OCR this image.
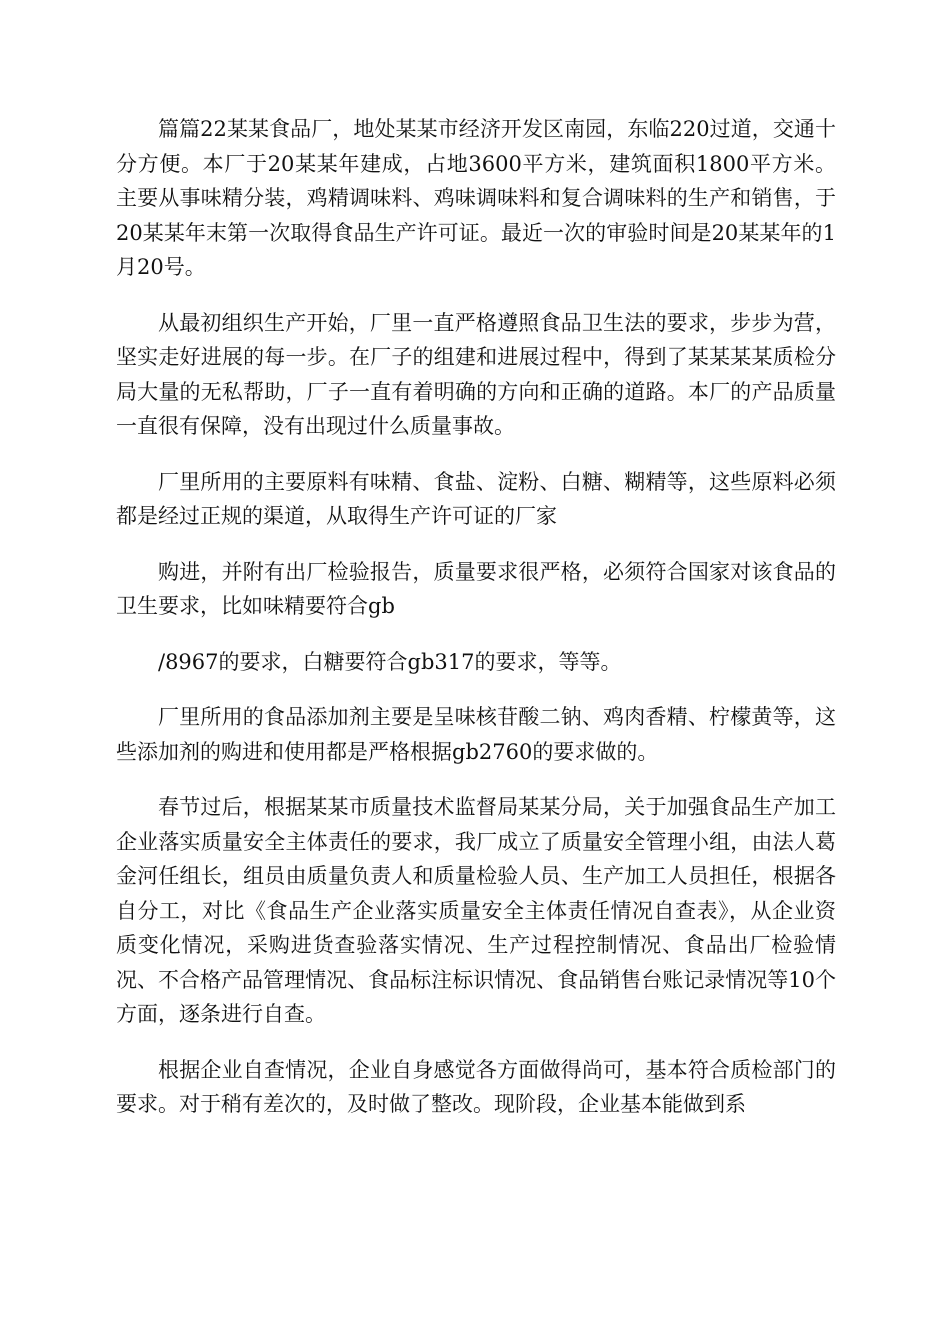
篇篇22某某食品厂，地处某某市经济开发区南园，东临220过道，交通十分方便。本厂于20某某年建成，占地3600平方米，建筑面积1800平方米。主要从事味精分装，鸡精调味料、鸡味调味料和复合调味料的生产和销售，于20某某年末第一次取得食品生产许可证。最近一次的审验时间是20某某年的1月20号。

从最初组织生产开始，厂里一直严格遵照食品卫生法的要求，步步为营，坚实走好进展的每一步。在厂子的组建和进展过程中，得到了某某某某质检分局大量的无私帮助，厂子一直有着明确的方向和正确的道路。本厂的产品质量一直很有保障，没有出现过什么质量事故。

厂里所用的主要原料有味精、食盐、淀粉、白糖、糊精等，这些原料必须都是经过正规的渠道，从取得生产许可证的厂家

购进，并附有出厂检验报告，质量要求很严格，必须符合国家对该食品的卫生要求，比如味精要符合gb

/8967的要求，白糖要符合gb317的要求，等等。

厂里所用的食品添加剂主要是呈味核苷酸二钠、鸡肉香精、柠檬黄等，这些添加剂的购进和使用都是严格根据gb2760的要求做的。

春节过后，根据某某市质量技术监督局某某分局，关于加强食品生产加工企业落实质量安全主体责任的要求，我厂成立了质量安全管理小组，由法人葛金河任组长，组员由质量负责人和质量检验人员、生产加工人员担任，根据各自分工，对比《食品生产企业落实质量安全主体责任情况自查表》，从企业资质变化情况，采购进货查验落实情况、生产过程控制情况、食品出厂检验情况、不合格产品管理情况、食品标注标识情况、食品销售台账记录情况等10个方面，逐条进行自查。

根据企业自查情况，企业自身感觉各方面做得尚可，基本符合质检部门的要求。对于稍有差次的，及时做了整改。现阶段，企业基本能做到系
